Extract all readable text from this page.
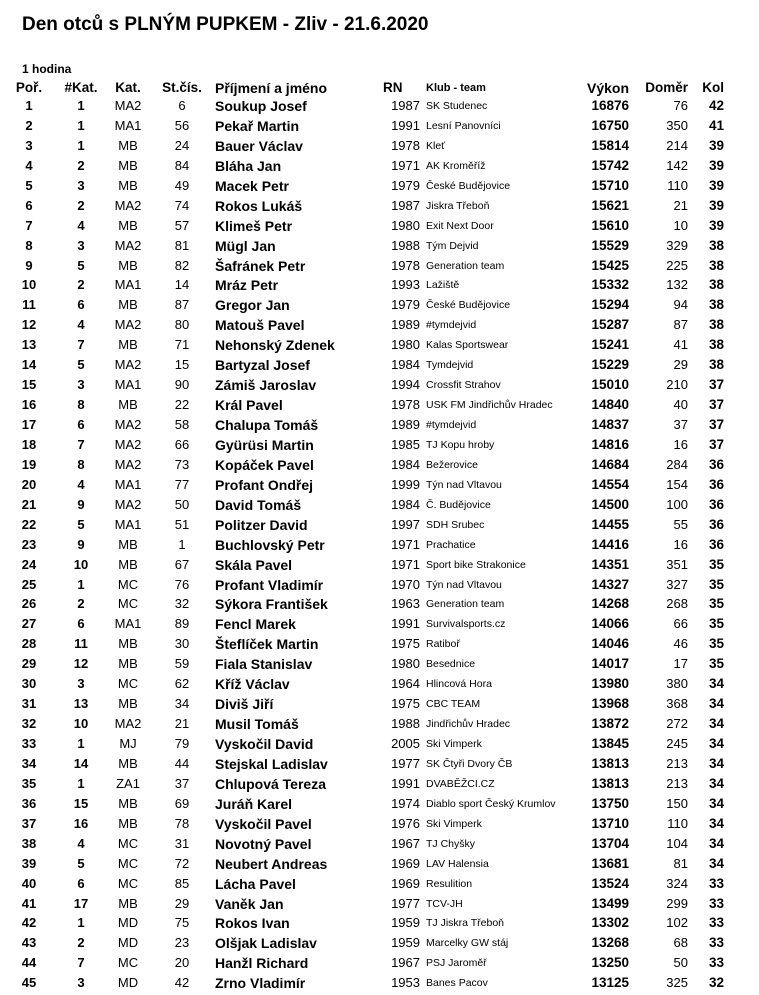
Den otců s PLNÝM PUPKEM - Zliv - 21.6.2020
1 hodina
Poř.	#Kat.	Kat.	St.čís. Příjmení a jméno	RN Klub - team	Výkon	Doměr	Kol
1	1	MA2	6	Soukup Josef	1987 SK Studenec	16876	76	42
2	1	MA1	56	Pekař Martin	1991 Lesní Panovníci	16750	350	41
3	1	MB	24	Bauer Václav	1978 Kleť	15814	214	39
4	2	MB	84	Bláha Jan	1971 AK Kroměříž	15742	142	39
5	3	MB	49	Macek Petr	1979 České Budějovice	15710	110	39
6	2	MA2	74	Rokos Lukáš	1987 Jiskra Třeboň	15621	21	39
7	4	MB	57	Klimeš Petr	1980 Exit Next Door	15610	10	39
8	3	MA2	81	Mügl Jan	1988 Tým Dejvid	15529	329	38
9	5	MB	82	Šafránek Petr	1978 Generation team	15425	225	38
10	2	MA1	14	Mráz Petr	1993 Lažiště	15332	132	38
11	6	MB	87	Gregor Jan	1979 České Budějovice	15294	94	38
12	4	MA2	80	Matouš Pavel	1989 #tymdejvid	15287	87	38
13	7	MB	71	Nehonský Zdenek	1980 Kalas Sportswear	15241	41	38
14	5	MA2	15	Bartyzal Josef	1984 Tymdejvid	15229	29	38
15	3	MA1	90	Zámiš Jaroslav	1994 Crossfit Strahov	15010	210	37
16	8	MB	22	Král Pavel	1978 USK FM Jindřichův Hradec	14840	40	37
17	6	MA2	58	Chalupa Tomáš	1989 #tymdejvid	14837	37	37
18	7	MA2	66	Gyürüsi Martin	1985 TJ Kopu hroby	14816	16	37
19	8	MA2	73	Kopáček Pavel	1984 Bežerovice	14684	284	36
20	4	MA1	77	Profant Ondřej	1999 Týn nad Vltavou	14554	154	36
21	9	MA2	50	David Tomáš	1984 Č. Budějovice	14500	100	36
22	5	MA1	51	Politzer David	1997 SDH Srubec	14455	55	36
23	9	MB	1	Buchlovský Petr	1971 Prachatice	14416	16	36
24	10	MB	67	Skála Pavel	1971 Sport bike Strakonice	14351	351	35
25	1	MC	76	Profant Vladimír	1970 Týn nad Vltavou	14327	327	35
26	2	MC	32	Sýkora František	1963 Generation team	14268	268	35
27	6	MA1	89	Fencl Marek	1991 Survivalsports.cz	14066	66	35
28	11	MB	30	Šteflíček Martin	1975 Ratiboř	14046	46	35
29	12	MB	59	Fiala Stanislav	1980 Besednice	14017	17	35
30	3	MC	62	Kříž Václav	1964 Hlincová Hora	13980	380	34
31	13	MB	34	Diviš Jiří	1975 CBC TEAM	13968	368	34
32	10	MA2	21	Musil Tomáš	1988 Jindřichův Hradec	13872	272	34
33	1	MJ	79	Vyskočil David	2005 Ski Vimperk	13845	245	34
34	14	MB	44	Stejskal Ladislav	1977 SK Čtyři Dvory ČB	13813	213	34
35	1	ZA1	37	Chlupová Tereza	1991 DVABĚŽCI.CZ	13813	213	34
36	15	MB	69	Juráň Karel	1974 Diablo sport Český Krumlov	13750	150	34
37	16	MB	78	Vyskočil Pavel	1976 Ski Vimperk	13710	110	34
38	4	MC	31	Novotný Pavel	1967 TJ Chyšky	13704	104	34
39	5	MC	72	Neubert Andreas	1969 LAV Halensia	13681	81	34
40	6	MC	85	Lácha Pavel	1969 Resulition	13524	324	33
41	17	MB	29	Vaněk Jan	1977 TCV-JH	13499	299	33
42	1	MD	75	Rokos Ivan	1959 TJ Jiskra Třeboň	13302	102	33
43	2	MD	23	Olšjak Ladislav	1959 Marcelky GW stáj	13268	68	33
44	7	MC	20	Hanžl Richard	1967 PSJ Jaroměř	13250	50	33
45	3	MD	42	Zrno Vladimír	1953 Banes Pacov	13125	325	32
